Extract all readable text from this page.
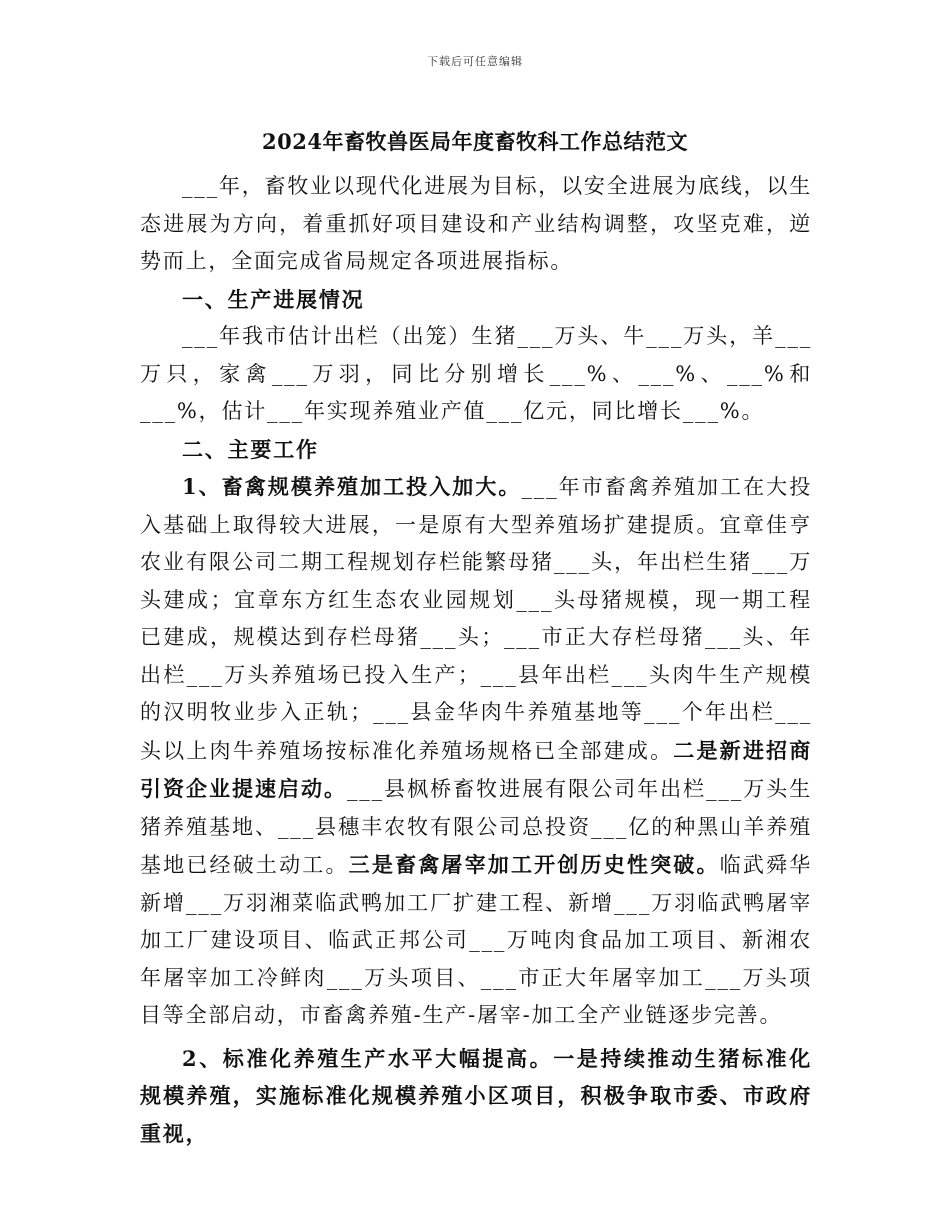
下载后可任意编辑
2024年畜牧兽医局年度畜牧科工作总结范文

___年，畜牧业以现代化进展为目标，以安全进展为底线，以生态进展为方向，着重抓好项目建设和产业结构调整，攻坚克难，逆势而上，全面完成省局规定各项进展指标。

一、生产进展情况

___年我市估计出栏（出笼）生猪___万头、牛___万头，羊___万只，家禽___万羽，同比分别增长___%、___%、___%和___%，估计___年实现养殖业产值___亿元，同比增长___%。

二、主要工作

1、畜禽规模养殖加工投入加大。___年市畜禽养殖加工在大投入基础上取得较大进展，一是原有大型养殖场扩建提质。宜章佳亨农业有限公司二期工程规划存栏能繁母猪___头，年出栏生猪___万头建成；宜章东方红生态农业园规划___头母猪规模，现一期工程已建成，规模达到存栏母猪___头；___市正大存栏母猪___头、年出栏___万头养殖场已投入生产；___县年出栏___头肉牛生产规模的汉明牧业步入正轨；___县金华肉牛养殖基地等___个年出栏___头以上肉牛养殖场按标准化养殖场规格已全部建成。二是新进招商引资企业提速启动。___县枫桥畜牧进展有限公司年出栏___万头生猪养殖基地、___县穗丰农牧有限公司总投资___亿的种黑山羊养殖基地已经破土动工。三是畜禽屠宰加工开创历史性突破。临武舜华新增___万羽湘菜临武鸭加工厂扩建工程、新增___万羽临武鸭屠宰加工厂建设项目、临武正邦公司___万吨肉食品加工项目、新湘农年屠宰加工冷鲜肉___万头项目、___市正大年屠宰加工___万头项目等全部启动，市畜禽养殖-生产-屠宰-加工全产业链逐步完善。

2、标准化养殖生产水平大幅提高。一是持续推动生猪标准化规模养殖，实施标准化规模养殖小区项目，积极争取市委、市政府重视，
